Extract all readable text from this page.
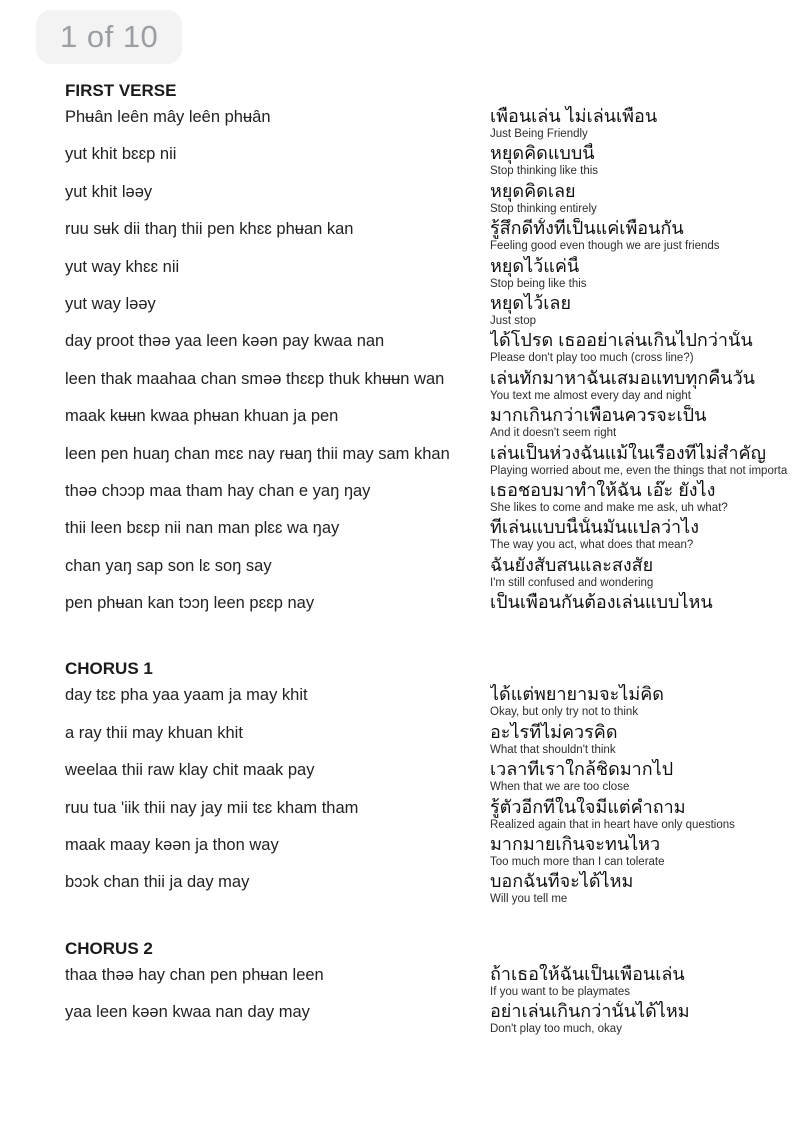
1 of 10
FIRST VERSE
Phʉân leên mây leên phʉân	เพื่อนเล่น ไม่เล่นเพื่อน
Just Being Friendly
yut khit bɛɛp nii	หยุดคิดแบบนี้
Stop thinking like this
yut khit ləəy	หยุดคิดเลย
Stop thinking entirely
ruu sʉk dii thaŋ thii pen khɛɛ phʉan kan	รู้สึกดีทั้งที่เป็นแค่เพื่อนกัน
Feeling good even though we are just friends
yut way khɛɛ nii	หยุดไว้แค่นี้
Stop being like this
yut way ləəy	หยุดไว้เลย
Just stop
day proot thəə yaa leen kəən pay kwaa nan	ได้โปรด เธออย่าเล่นเกินไปกว่านั้น
Please don't play too much (cross line?)
leen thak maahaa chan sməə thɛɛp thuk khʉʉn wan	เล่นทักมาหาฉันเสมอแทบทุกคืนวัน
You text me almost every day and night
maak kʉʉn kwaa phʉan khuan ja pen	มากเกินกว่าเพื่อนควรจะเป็น
And it doesn't seem right
leen pen huaŋ chan mɛɛ nay rʉaŋ thii may sam khan	เล่นเป็นห่วงฉันแม้ในเรื่องที่ไม่สำคัญ
Playing worried about me, even the things that not importa
thəə chɔɔp maa tham hay chan e yaŋ ŋay	เธอชอบมาทำให้ฉัน เอ๊ะ ยังไง
She likes to come and make me ask, uh what?
thii leen bɛɛp nii nan man plɛɛ wa ŋay	ที่เล่นแบบนี้นั้นมันแปลว่าไง
The way you act, what does that mean?
chan yaŋ sap son lɛ soŋ say	ฉันยังสับสนและสงสัย
I'm still confused and wondering
pen phʉan kan tɔɔŋ leen pɛɛp nay	เป็นเพื่อนกันต้องเล่นแบบไหน
CHORUS 1
day tɛɛ pha yaa yaam ja may khit	ได้แต่พยายามจะไม่คิด
Okay, but only try not to think
a ray thii may khuan khit	อะไรที่ไม่ควรคิด
What that shouldn't think
weelaa thii raw klay chit maak pay	เวลาที่เราใกล้ชิดมากไป
When that we are too close
ruu tua 'iik thii nay jay mii tɛɛ kham tham	รู้ตัวอีกทีในใจมีแต่คำถาม
Realized again that in heart have only questions
maak maay kəən ja thon way	มากมายเกินจะทนไหว
Too much more than I can tolerate
bɔɔk chan thii ja day may	บอกฉันทีจะได้ไหม
Will you tell me
CHORUS 2
thaa thəə hay chan pen phʉan leen	ถ้าเธอให้ฉันเป็นเพื่อนเล่น
If you want to be playmates
yaa leen kəən kwaa nan day may	อย่าเล่นเกินกว่านั้นได้ไหม
Don't play too much, okay
